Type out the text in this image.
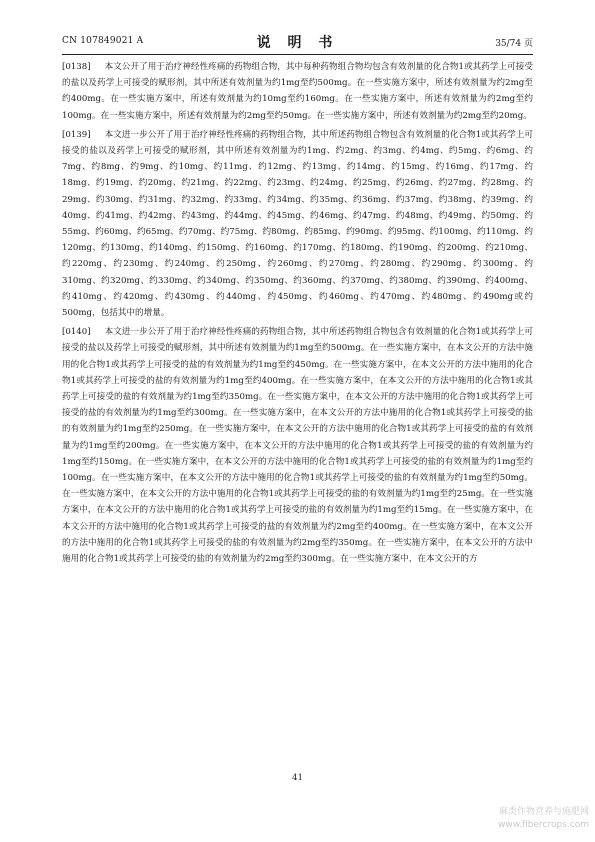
CN 107849021 A	说 明 书	35/74 页

[0138] 本文公开了用于治疗神经性疼痛的药物组合物，其中每种药物组合物均包含有效剂量的化合物1或其药学上可接受的盐以及药学上可接受的赋形剂，其中所述有效剂量为约1mg至约500mg。在一些实施方案中，所述有效剂量为约2mg至约400mg。在一些实施方案中，所述有效剂量为约10mg至约160mg。在一些实施方案中，所述有效剂量为约2mg至约100mg。在一些实施方案中，所述有效剂量为约2mg至约50mg。在一些实施方案中，所述有效剂量为约2mg至约20mg。

[0139] 本文进一步公开了用于治疗神经性疼痛的药物组合物，其中所述药物组合物包含有效剂量的化合物1或其药学上可接受的盐以及药学上可接受的赋形剂，其中所述有效剂量为约1mg、约2mg、约3mg、约4mg、约5mg、约6mg、约7mg、约8mg、约9mg、约10mg、约11mg、约12mg、约13mg、约14mg、约15mg、约16mg、约17mg、约18mg、约19mg、约20mg、约21mg、约22mg、约23mg、约24mg、约25mg、约26mg、约27mg、约28mg、约29mg、约30mg、约31mg、约32mg、约33mg、约34mg、约35mg、约36mg、约37mg、约38mg、约39mg、约40mg、约41mg、约42mg、约43mg、约44mg、约45mg、约46mg、约47mg、约48mg、约49mg、约50mg、约55mg、约60mg、约65mg、约70mg、约75mg、约80mg、约85mg、约90mg、约95mg、约100mg、约110mg、约120mg、约130mg、约140mg、约150mg、约160mg、约170mg、约180mg、约190mg、约200mg、约210mg、约220mg、约230mg、约240mg、约250mg、约260mg、约270mg、约280mg、约290mg、约300mg、约310mg、约320mg、约330mg、约340mg、约350mg、约360mg、约370mg、约380mg、约390mg、约400mg、约410mg、约420mg、约430mg、约440mg、约450mg、约460mg、约470mg、约480mg、约490mg或约500mg，包括其中的增量。

[0140] 本文进一步公开了用于治疗神经性疼痛的药物组合物，其中所述药物组合物包含有效剂量的化合物1或其药学上可接受的盐以及药学上可接受的赋形剂，其中所述有效剂量为约1mg至约500mg。在一些实施方案中，在本文公开的方法中施用的化合物1或其药学上可接受的盐的有效剂量为约1mg至约450mg。在一些实施方案中，在本文公开的方法中施用的化合物1或其药学上可接受的盐的有效剂量为约1mg至约400mg。在一些实施方案中，在本文公开的方法中施用的化合物1或其药学上可接受的盐的有效剂量为约1mg至约350mg。在一些实施方案中，在本文公开的方法中施用的化合物1或其药学上可接受的盐的有效剂量为约1mg至约300mg。在一些实施方案中，在本文公开的方法中施用的化合物1或其药学上可接受的盐的有效剂量为约1mg至约250mg。在一些实施方案中，在本文公开的方法中施用的化合物1或其药学上可接受的盐的有效剂量为约1mg至约200mg。在一些实施方案中，在本文公开的方法中施用的化合物1或其药学上可接受的盐的有效剂量为约1mg至约150mg。在一些实施方案中，在本文公开的方法中施用的化合物1或其药学上可接受的盐的有效剂量为约1mg至约100mg。在一些实施方案中，在本文公开的方法中施用的化合物1或其药学上可接受的盐的有效剂量为约1mg至约50mg。在一些实施方案中，在本文公开的方法中施用的化合物1或其药学上可接受的盐的有效剂量为约1mg至约25mg。在一些实施方案中，在本文公开的方法中施用的化合物1或其药学上可接受的盐的有效剂量为约1mg至约15mg。在一些实施方案中，在本文公开的方法中施用的化合物1或其药学上可接受的盐的有效剂量为约2mg至约400mg。在一些实施方案中，在本文公开的方法中施用的化合物1或其药学上可接受的盐的有效剂量为约2mg至约350mg。在一些实施方案中，在本文公开的方法中施用的化合物1或其药学上可接受的盐的有效剂量为约2mg至约300mg。在一些实施方案中，在本文公开的方

41
麻类作物营养与施肥网
www.fibercrops.com
